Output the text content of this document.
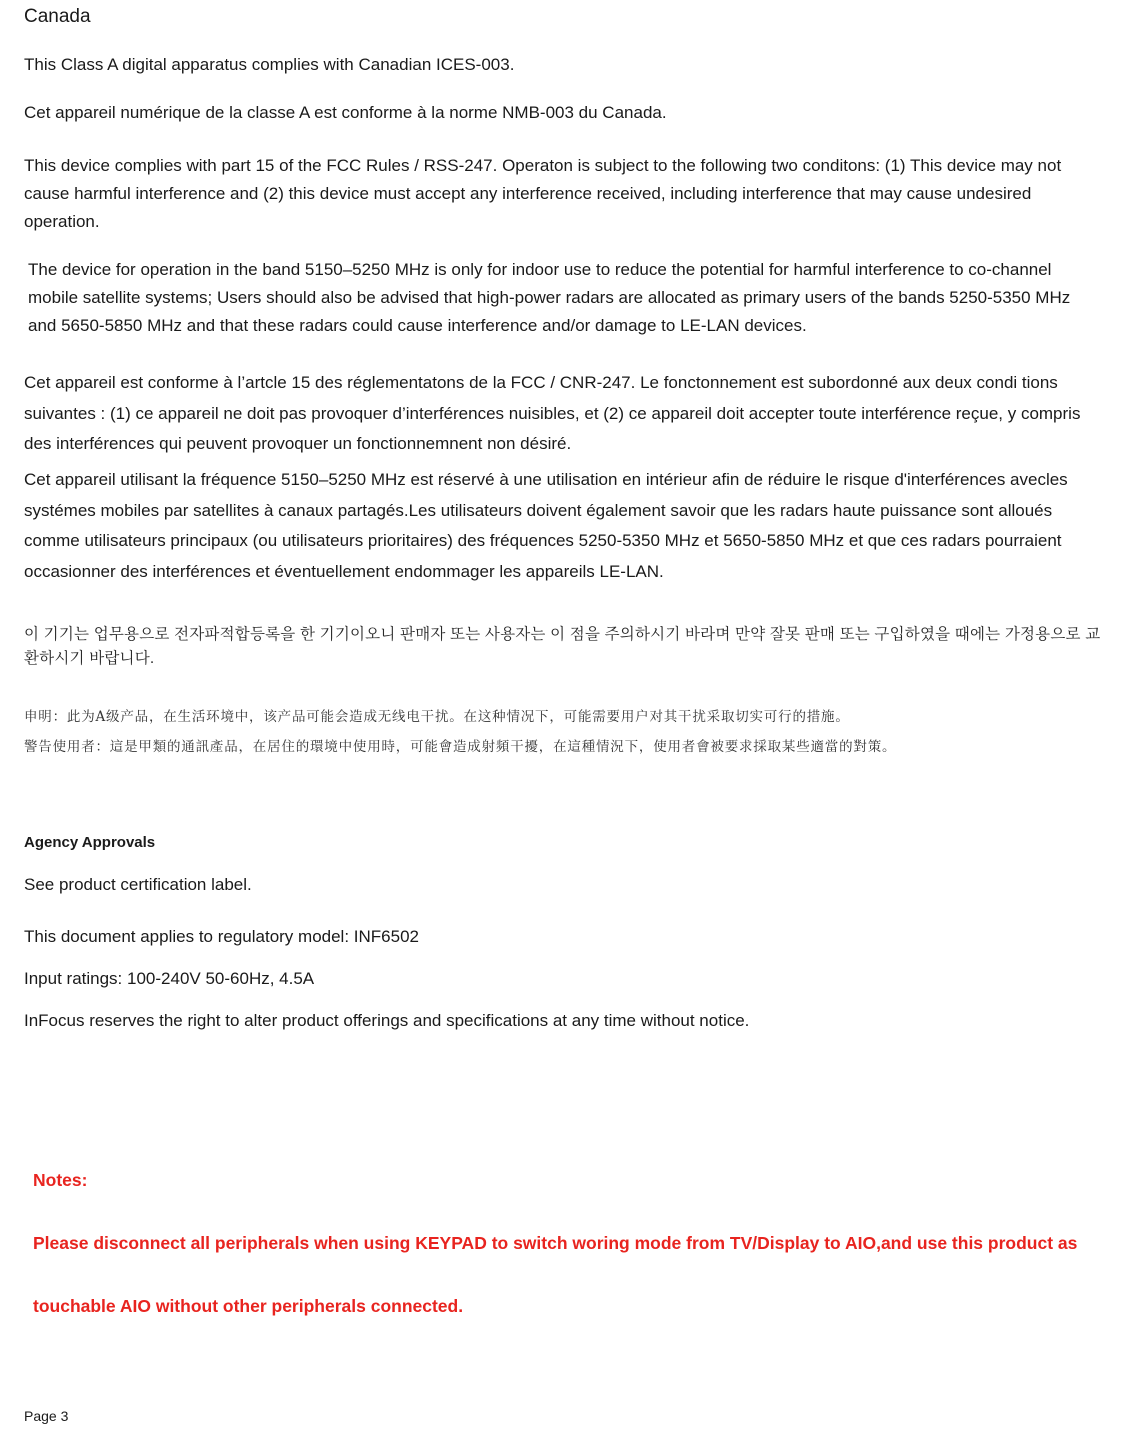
Canada
This Class A digital apparatus complies with Canadian ICES-003.
Cet appareil numérique de la classe A est conforme à la norme NMB-003 du Canada.
This device complies with part 15 of the FCC Rules / RSS-247. Operaton is subject to the following two conditons: (1) This device may not cause harmful interference and (2) this device must accept any interference received, including interference that may cause undesired operation.
The device for operation in the band 5150–5250 MHz is only for indoor use to reduce the potential for harmful interference to co-channel mobile satellite systems; Users should also be advised that high-power radars are allocated as primary users of the bands 5250-5350 MHz and 5650-5850 MHz and that these radars could cause interference and/or damage to LE-LAN devices.
Cet appareil est conforme à l’artcle 15 des réglementatons de la FCC / CNR-247. Le fonctonnement est subordonné aux deux condi tions suivantes : (1) ce appareil ne doit pas provoquer d’interférences nuisibles, et (2) ce appareil doit accepter toute interférence reçue, y compris des interférences qui peuvent provoquer un fonctionnemnent non désiré.
Cet appareil utilisant la fréquence 5150–5250 MHz est réservé à une utilisation en intérieur afin de réduire le risque d'interférences avecles systémes mobiles par satellites à canaux partagés.Les utilisateurs doivent également savoir que les radars haute puissance sont alloués comme utilisateurs principaux (ou utilisateurs prioritaires) des fréquences 5250-5350 MHz et 5650-5850 MHz et que ces radars pourraient occasionner des interférences et éventuellement endommager les appareils LE-LAN.
이 기기는 업무용으로 전자파적합등록을 한 기기이오니 판매자 또는 사용자는 이 점을 주의하시기 바라며 만약 잘못 판매 또는 구입하였을 때에는 가정용으로 교환하시기 바랍니다.
申明：此为A级产品，在生活环境中，该产品可能会造成无线电干扰。在这种情况下，可能需要用户对其干扰采取切实可行的措施。
警告使用者：這是甲類的通訊產品，在居住的環境中使用時，可能會造成射頻干擾，在這種情況下，使用者會被要求採取某些適當的對策。
Agency Approvals
See product certification label.
This document applies to regulatory model: INF6502
Input ratings: 100-240V 50-60Hz, 4.5A
InFocus reserves the right to alter product offerings and specifications at any time without notice.
Notes:
Please disconnect all peripherals when using KEYPAD to switch woring mode from TV/Display to AIO,and use this product as
touchable AIO without other peripherals connected.
Page 3
